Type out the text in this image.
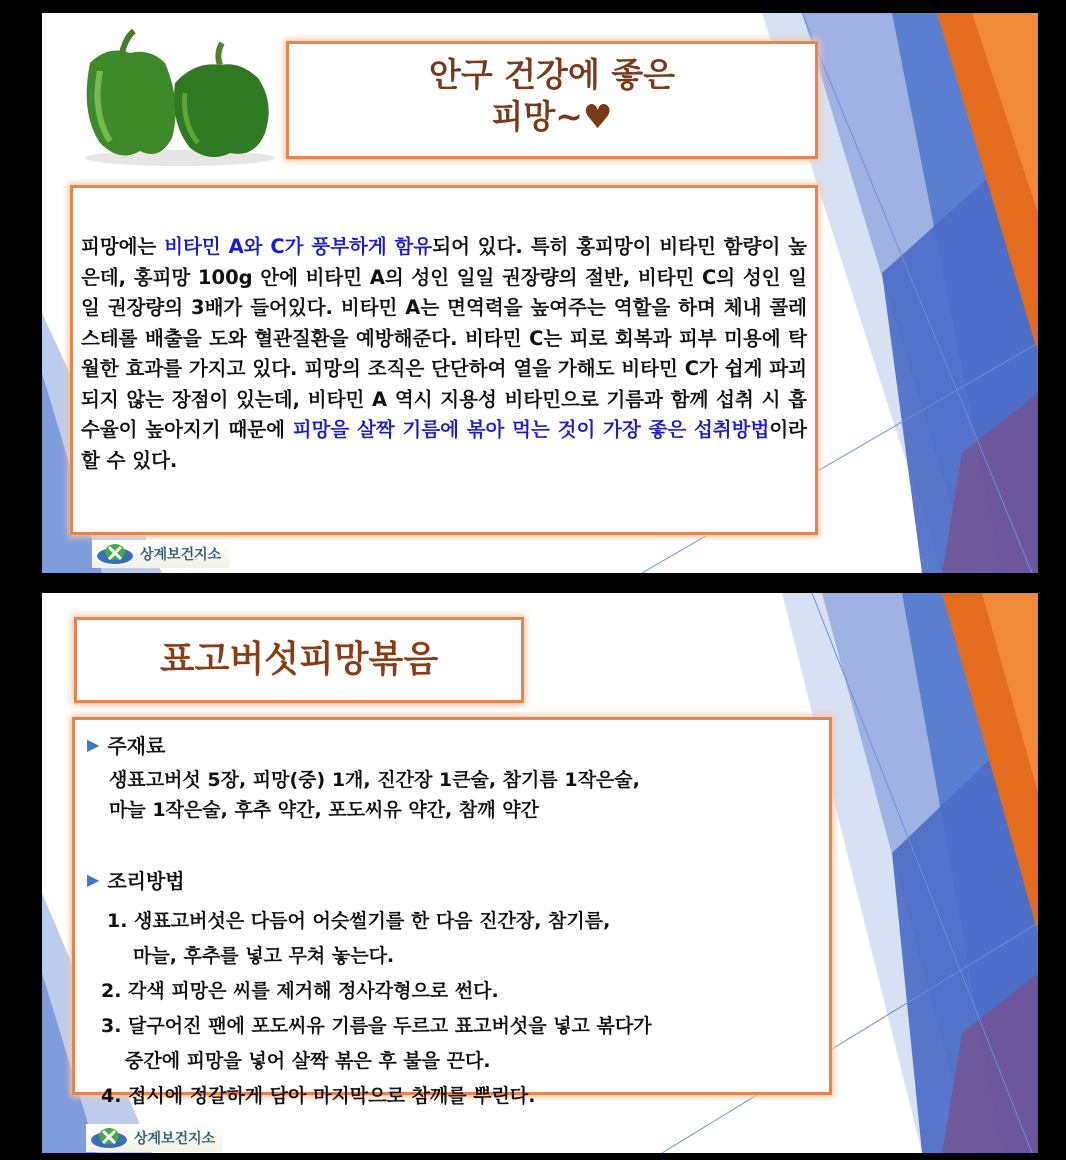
안구 건강에 좋은
피망~♥
피망에는 비타민 A와 C가 풍부하게 함유되어 있다. 특히 홍피망이 비타민 함량이 높은데, 홍피망 100g 안에 비타민 A의 성인 일일 권장량의 절반, 비타민 C의 성인 일일 권장량의 3배가 들어있다. 비타민 A는 면역력을 높여주는 역할을 하며 체내 콜레스테롤 배출을 도와 혈관질환을 예방해준다. 비타민 C는 피로 회복과 피부 미용에 탁월한 효과를 가지고 있다. 피망의 조직은 단단하여 열을 가해도 비타민 C가 쉽게 파괴되지 않는 장점이 있는데, 비타민 A 역시 지용성 비타민으로 기름과 함께 섭취 시 흡수율이 높아지기 때문에 피망을 살짝 기름에 볶아 먹는 것이 가장 좋은 섭취방법이라 할 수 있다.
상계보건지소
표고버섯피망볶음
▶ 주재료
생표고버섯 5장, 피망(중) 1개, 진간장 1큰술, 참기름 1작은술,
마늘 1작은술, 후추 약간, 포도씨유 약간, 참깨 약간
▶ 조리방법
1. 생표고버섯은 다듬어 어슷썰기를 한 다음 진간장, 참기름,
마늘, 후추를 넣고 무쳐 놓는다.
2. 각색 피망은 씨를 제거해 정사각형으로 썬다.
3. 달구어진 팬에 포도씨유 기름을 두르고 표고버섯을 넣고 볶다가
중간에 피망을 넣어 살짝 볶은 후 불을 끈다.
4. 접시에 정갈하게 담아 마지막으로 참깨를 뿌린다.
상계보건지소
